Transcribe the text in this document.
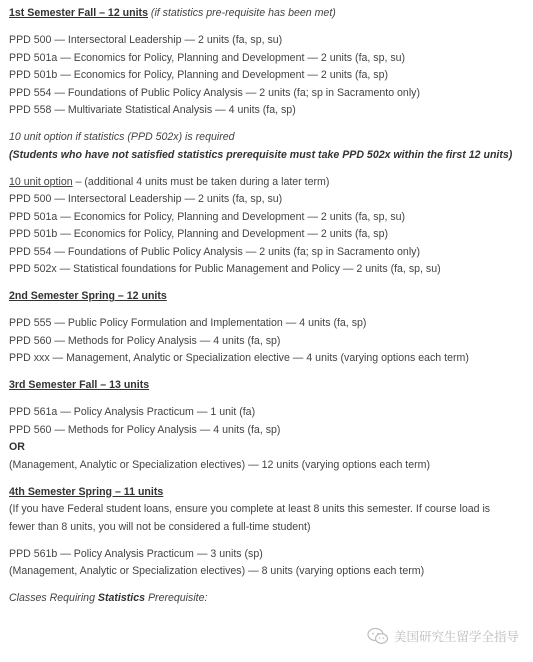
1st Semester Fall – 12 units (if statistics pre-requisite has been met)
PPD 500 — Intersectoral Leadership — 2 units (fa, sp, su)
PPD 501a — Economics for Policy, Planning and Development — 2 units (fa, sp, su)
PPD 501b — Economics for Policy, Planning and Development — 2 units (fa, sp)
PPD 554 — Foundations of Public Policy Analysis — 2 units (fa; sp in Sacramento only)
PPD 558 — Multivariate Statistical Analysis — 4 units (fa, sp)
10 unit option if statistics (PPD 502x) is required
(Students who have not satisfied statistics prerequisite must take PPD 502x within the first 12 units)
10 unit option – (additional 4 units must be taken during a later term)
PPD 500 — Intersectoral Leadership — 2 units (fa, sp, su)
PPD 501a — Economics for Policy, Planning and Development — 2 units (fa, sp, su)
PPD 501b — Economics for Policy, Planning and Development — 2 units (fa, sp)
PPD 554 — Foundations of Public Policy Analysis — 2 units (fa; sp in Sacramento only)
PPD 502x — Statistical foundations for Public Management and Policy — 2 units (fa, sp, su)
2nd Semester Spring – 12 units
PPD 555 — Public Policy Formulation and Implementation — 4 units (fa, sp)
PPD 560 — Methods for Policy Analysis — 4 units (fa, sp)
PPD xxx — Management, Analytic or Specialization elective — 4 units (varying options each term)
3rd Semester Fall – 13 units
PPD 561a — Policy Analysis Practicum — 1 unit (fa)
PPD 560 — Methods for Policy Analysis — 4 units (fa, sp)
OR
(Management, Analytic or Specialization electives) — 12 units (varying options each term)
4th Semester Spring – 11 units
(If you have Federal student loans, ensure you complete at least 8 units this semester. If course load is
fewer than 8 units, you will not be considered a full-time student)
PPD 561b — Policy Analysis Practicum — 3 units (sp)
(Management, Analytic or Specialization electives) — 8 units (varying options each term)
Classes Requiring Statistics Prerequisite:
美国研究生留学全指导
